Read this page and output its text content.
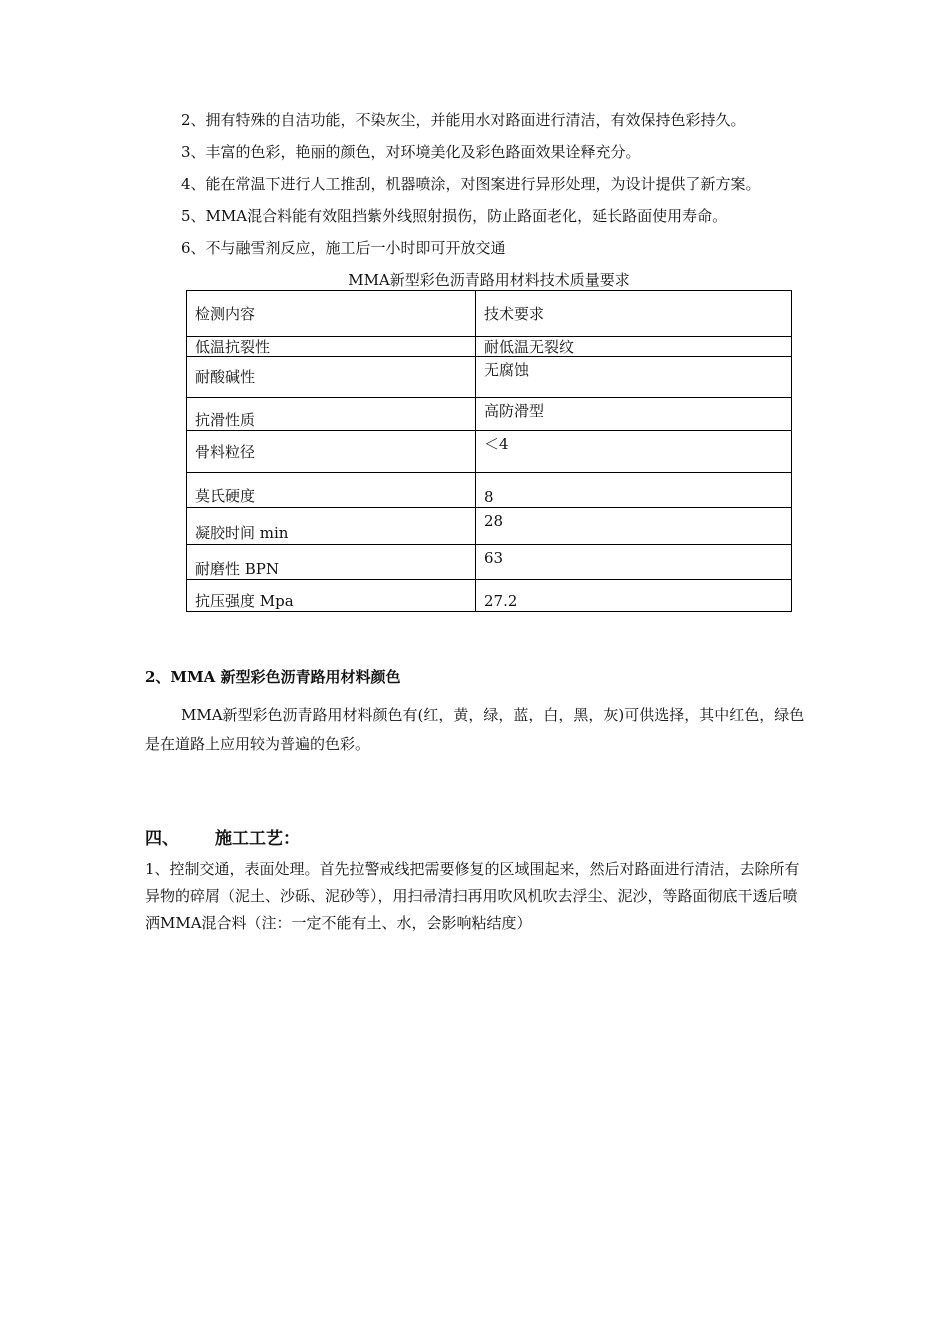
2、拥有特殊的自洁功能，不染灰尘，并能用水对路面进行清洁，有效保持色彩持久。
3、丰富的色彩，艳丽的颜色，对环境美化及彩色路面效果诠释充分。
4、能在常温下进行人工推刮，机器喷涂，对图案进行异形处理，为设计提供了新方案。
5、MMA混合料能有效阻挡紫外线照射损伤，防止路面老化，延长路面使用寿命。
6、不与融雪剂反应，施工后一小时即可开放交通
MMA新型彩色沥青路用材料技术质量要求
检测内容	技术要求
低温抗裂性	耐低温无裂纹
耐酸碱性	无腐蚀
抗滑性质	高防滑型
骨料粒径	＜4
莫氏硬度	8
凝胶时间 min	28
耐磨性 BPN	63
抗压强度 Mpa	27.2
2、MMA 新型彩色沥青路用材料颜色
MMA新型彩色沥青路用材料颜色有(红，黄，绿，蓝，白，黑，灰)可供选择，其中红色，绿色是在道路上应用较为普遍的色彩。
四、 施工工艺：
1、控制交通，表面处理。首先拉警戒线把需要修复的区域围起来，然后对路面进行清洁，去除所有异物的碎屑（泥土、沙砾、泥砂等），用扫帚清扫再用吹风机吹去浮尘、泥沙，等路面彻底干透后喷洒MMA混合料（注：一定不能有土、水，会影响粘结度）
